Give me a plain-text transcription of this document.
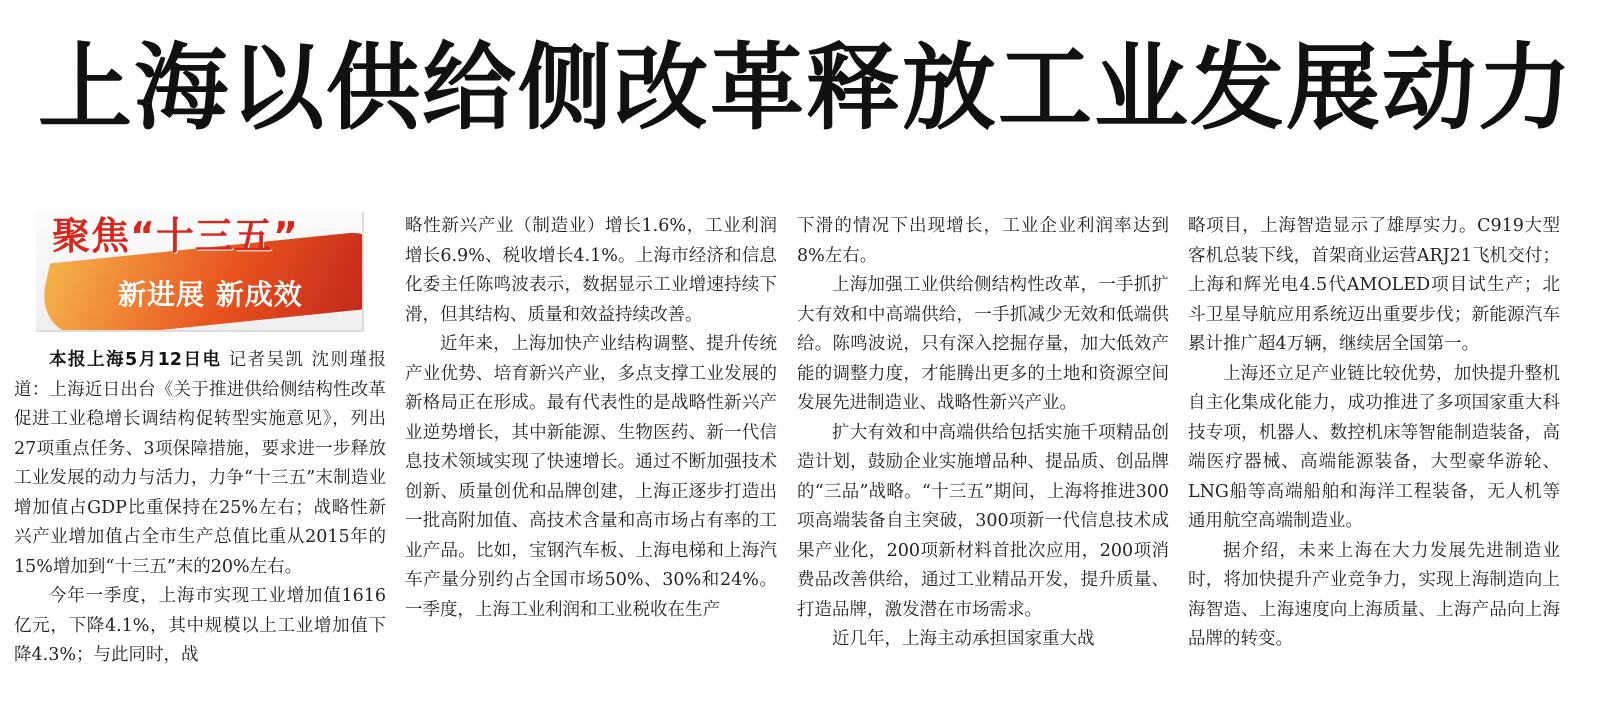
上海以供给侧改革释放工业发展动力
聚焦“十三五”
新进展 新成效

本报上海5月12日电 记者吴凯 沈则瑾报道：上海近日出台《关于推进供给侧结构性改革促进工业稳增长调结构促转型实施意见》，列出27项重点任务、3项保障措施，要求进一步释放工业发展的动力与活力，力争“十三五”末制造业增加值占GDP比重保持在25%左右；战略性新兴产业增加值占全市生产总值比重从2015年的15%增加到“十三五”末的20%左右。

今年一季度，上海市实现工业增加值1616亿元，下降4.1%，其中规模以上工业增加值下降4.3%；与此同时，战

略性新兴产业（制造业）增长1.6%，工业利润增长6.9%、税收增长4.1%。上海市经济和信息化委主任陈鸣波表示，数据显示工业增速持续下滑，但其结构、质量和效益持续改善。

近年来，上海加快产业结构调整、提升传统产业优势、培育新兴产业，多点支撑工业发展的新格局正在形成。最有代表性的是战略性新兴产业逆势增长，其中新能源、生物医药、新一代信息技术领域实现了快速增长。通过不断加强技术创新、质量创优和品牌创建，上海正逐步打造出一批高附加值、高技术含量和高市场占有率的工业产品。比如，宝钢汽车板、上海电梯和上海汽车产量分别约占全国市场50%、30%和24%。一季度，上海工业利润和工业税收在生产

下滑的情况下出现增长，工业企业利润率达到8%左右。

上海加强工业供给侧结构性改革，一手抓扩大有效和中高端供给，一手抓减少无效和低端供给。陈鸣波说，只有深入挖掘存量，加大低效产能的调整力度，才能腾出更多的土地和资源空间发展先进制造业、战略性新兴产业。

扩大有效和中高端供给包括实施千项精品创造计划，鼓励企业实施增品种、提品质、创品牌的“三品”战略。“十三五”期间，上海将推进300项高端装备自主突破，300项新一代信息技术成果产业化，200项新材料首批次应用，200项消费品改善供给，通过工业精品开发，提升质量、打造品牌，激发潜在市场需求。

近几年，上海主动承担国家重大战

略项目，上海智造显示了雄厚实力。C919大型客机总装下线，首架商业运营ARJ21飞机交付；上海和辉光电4.5代AMOLED项目试生产；北斗卫星导航应用系统迈出重要步伐；新能源汽车累计推广超4万辆，继续居全国第一。

上海还立足产业链比较优势，加快提升整机自主化集成化能力，成功推进了多项国家重大科技专项，机器人、数控机床等智能制造装备，高端医疗器械、高端能源装备，大型豪华游轮、LNG船等高端船舶和海洋工程装备，无人机等通用航空高端制造业。

据介绍，未来上海在大力发展先进制造业时，将加快提升产业竞争力，实现上海制造向上海智造、上海速度向上海质量、上海产品向上海品牌的转变。
